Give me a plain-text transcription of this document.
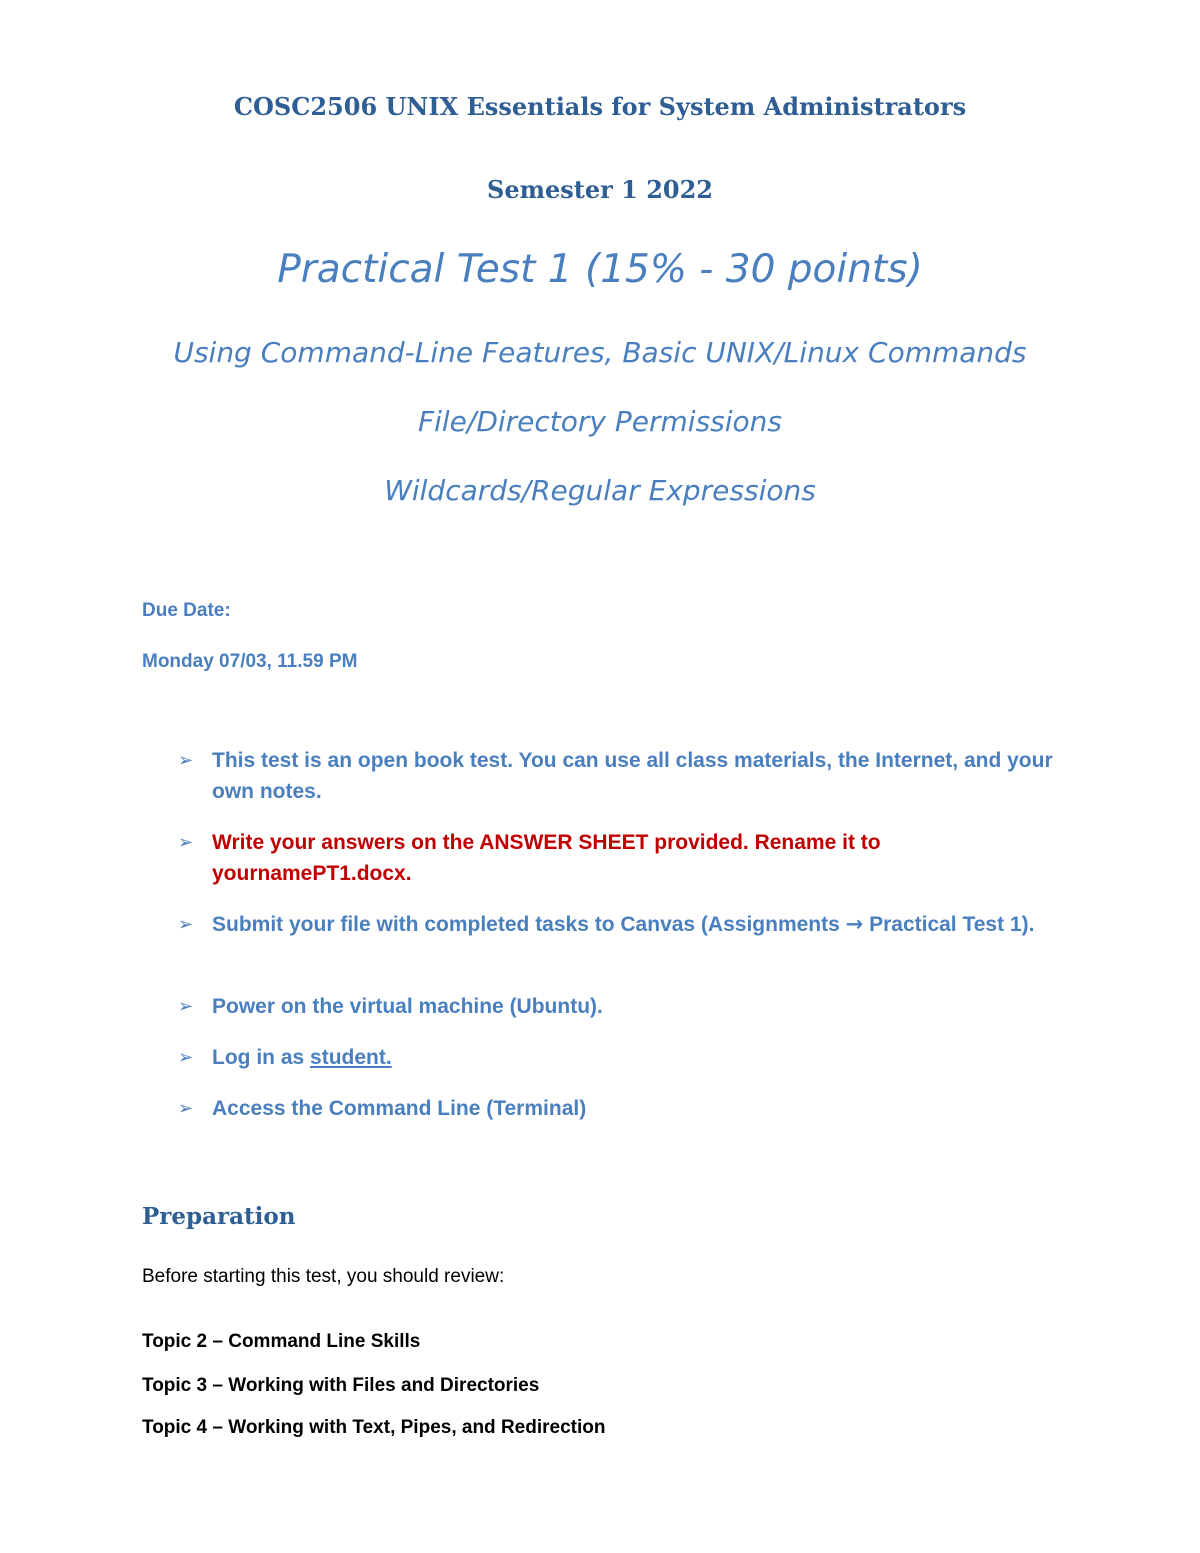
COSC2506 UNIX Essentials for System Administrators
Semester 1 2022
Practical Test 1 (15% - 30 points)
Using Command-Line Features, Basic UNIX/Linux Commands
File/Directory Permissions
Wildcards/Regular Expressions
Due Date:
Monday 07/03, 11.59 PM
➢ This test is an open book test. You can use all class materials, the Internet, and your own notes.
➢ Write your answers on the ANSWER SHEET provided. Rename it to yournamePT1.docx.
➢ Submit your file with completed tasks to Canvas (Assignments → Practical Test 1).
➢ Power on the virtual machine (Ubuntu).
➢ Log in as student.
➢ Access the Command Line (Terminal)
Preparation
Before starting this test, you should review:
Topic 2 – Command Line Skills
Topic 3 – Working with Files and Directories
Topic 4 – Working with Text, Pipes, and Redirection
